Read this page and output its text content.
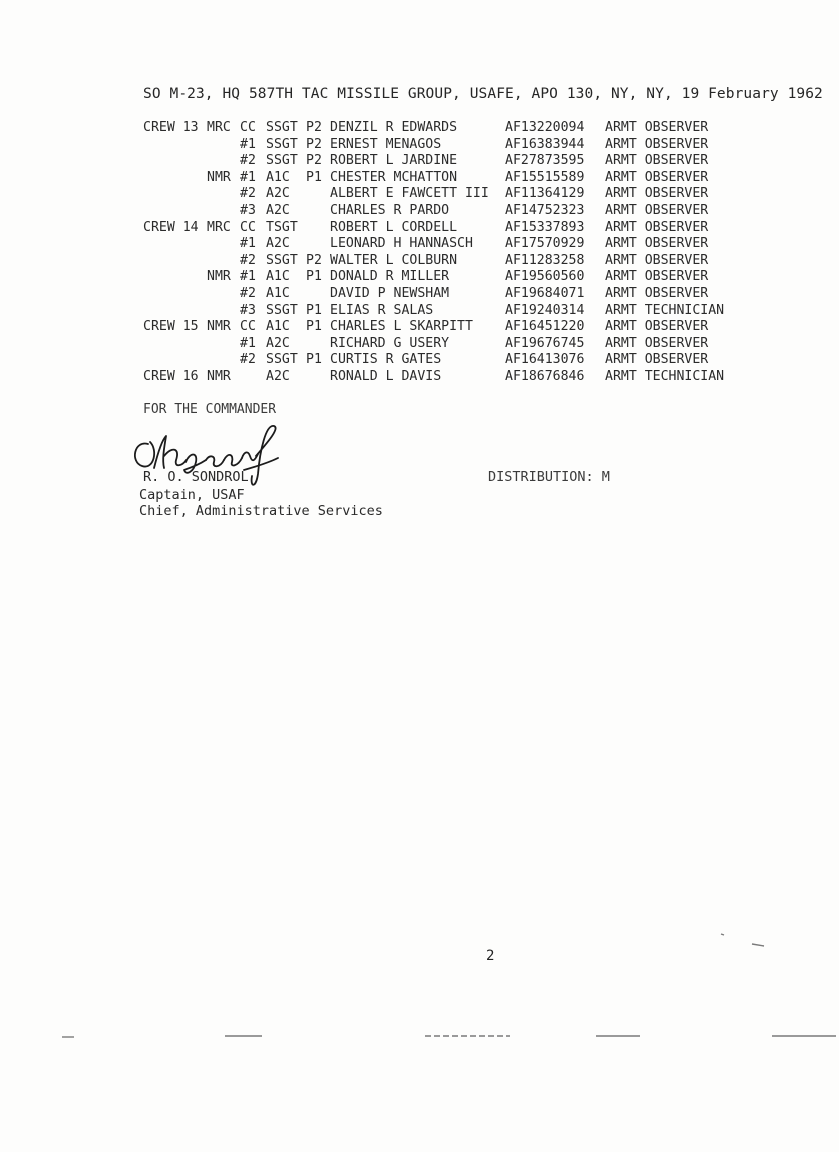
SO M-23, HQ 587TH TAC MISSILE GROUP, USAFE, APO 130, NY, NY, 19 February 1962
CREW 13 MRC CC SSGT P2 DENZIL R EDWARDS	AF13220094 ARMT OBSERVER
#1 SSGT P2 ERNEST MENAGOS	AF16383944 ARMT OBSERVER
#2 SSGT P2 ROBERT L JARDINE	AF27873595 ARMT OBSERVER
NMR #1 A1C P1 CHESTER MCHATTON	AF15515589 ARMT OBSERVER
#2 A2C	ALBERT E FAWCETT III AF11364129 ARMT OBSERVER
#3 A2C	CHARLES R PARDO	AF14752323 ARMT OBSERVER
CREW 14 MRC CC TSGT ROBERT L CORDELL	AF15337893 ARMT OBSERVER
#1 A2C	LEONARD H HANNASCH AF17570929 ARMT OBSERVER
#2 SSGT P2 WALTER L COLBURN	AF11283258 ARMT OBSERVER
NMR #1 A1C P1 DONALD R MILLER	AF19560560 ARMT OBSERVER
#2 A1C	DAVID P NEWSHAM	AF19684071 ARMT OBSERVER
#3 SSGT P1 ELIAS R SALAS	AF19240314 ARMT TECHNICIAN
CREW 15 NMR CC A1C P1 CHARLES L SKARPITT AF16451220 ARMT OBSERVER
#1 A2C	RICHARD G USERY	AF19676745 ARMT OBSERVER
#2 SSGT P1 CURTIS R GATES	AF16413076 ARMT OBSERVER
CREW 16 NMR	A2C	RONALD L DAVIS	AF18676846 ARMT TECHNICIAN
FOR THE COMMANDER
R. O. SONDROL
Captain, USAF
Chief, Administrative Services
DISTRIBUTION: M
2
